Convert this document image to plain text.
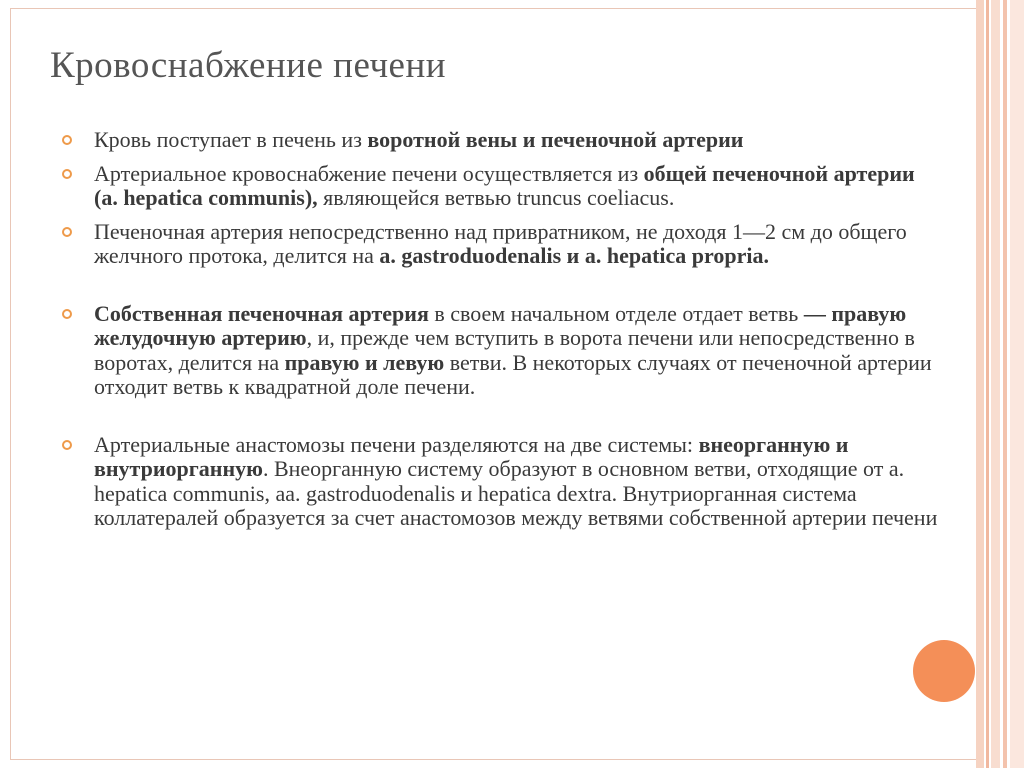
Кровоснабжение печени
Кровь поступает в печень из воротной вены и печеночной артерии
Артериальное кровоснабжение печени осуществляется из общей печеночной артерии (a. hepatica communis), являющейся ветвью truncus coeliacus.
Печеночная артерия непосредственно над привратником, не доходя 1—2 см до общего желчного протока, делится на a. gastroduodenalis и a. hepatica propria.
Собственная печеночная артерия в своем начальном отделе отдает ветвь — правую желудочную артерию, и, прежде чем вступить в ворота печени или непосредственно в воротах, делится на правую и левую ветви. В некоторых случаях от печеночной артерии отходит ветвь к квадратной доле печени.
Артериальные анастомозы печени разделяются на две системы: внеорганную и внутриорганную. Внеорганную систему образуют в основном ветви, отходящие от a. hepatica communis, aa. gastroduodenalis и hepatica dextra. Внутриорганная система коллатералей образуется за счет анастомозов между ветвями собственной артерии печени
